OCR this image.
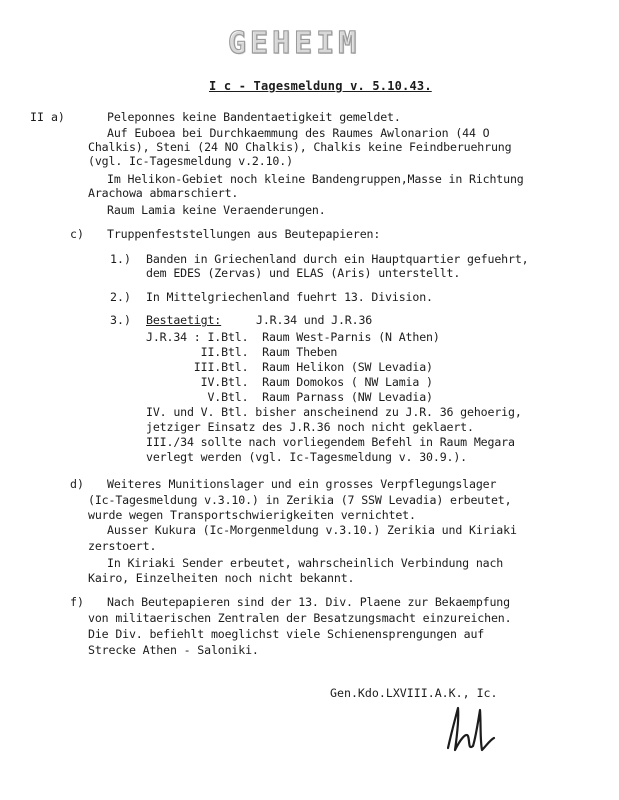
GEHEIM
I c - Tagesmeldung v. 5.10.43.
II a)	Peleponnes keine Bandentaetigkeit gemeldet.
Auf Euboea bei Durchkaemmung des Raumes Awlonarion (44 O
Chalkis), Steni (24 NO Chalkis), Chalkis keine Feindberuehrung
(vgl. Ic-Tagesmeldung v.2.10.)
Im Helikon-Gebiet noch kleine Bandengruppen,Masse in Richtung
Arachowa abmarschiert.
Raum Lamia keine Veraenderungen.
c) Truppenfeststellungen aus Beutepapieren:
1.) Banden in Griechenland durch ein Hauptquartier gefuehrt,
dem EDES (Zervas) und ELAS (Aris) unterstellt.
2.) In Mittelgriechenland fuehrt 13. Division.
3.) Bestaetigt:	J.R.34 und J.R.36
J.R.34 : I.Btl.  Raum West-Parnis (N Athen)
II.Btl.  Raum Theben
III.Btl.  Raum Helikon (SW Levadia)
IV.Btl.  Raum Domokos ( NW Lamia )
V.Btl.  Raum Parnass (NW Levadia)
IV. und V. Btl. bisher anscheinend zu J.R. 36 gehoerig,
jetziger Einsatz des J.R.36 noch nicht geklaert.
III./34 sollte nach vorliegendem Befehl in Raum Megara
verlegt werden (vgl. Ic-Tagesmeldung v. 30.9.).
d) Weiteres Munitionslager und ein grosses Verpflegungslager
(Ic-Tagesmeldung v.3.10.) in Zerikia (7 SSW Levadia) erbeutet,
wurde wegen Transportschwierigkeiten vernichtet.
Ausser Kukura (Ic-Morgenmeldung v.3.10.) Zerikia und Kiriaki
zerstoert.
In Kiriaki Sender erbeutet, wahrscheinlich Verbindung nach
Kairo, Einzelheiten noch nicht bekannt.
f) Nach Beutepapieren sind der 13. Div. Plaene zur Bekaempfung
von militaerischen Zentralen der Besatzungsmacht einzureichen.
Die Div. befiehlt moeglichst viele Schienensprengungen auf
Strecke Athen - Saloniki.
Gen.Kdo.LXVIII.A.K., Ic.
